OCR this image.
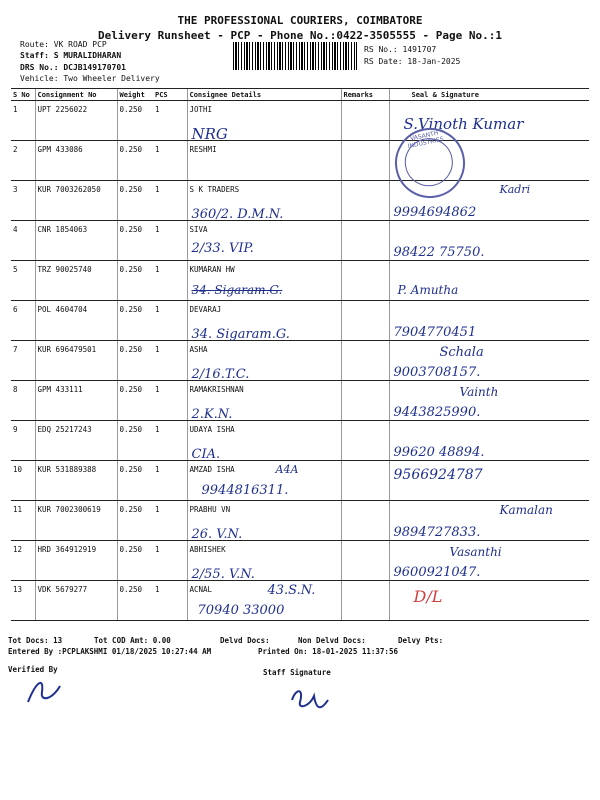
THE PROFESSIONAL COURIERS, COIMBATORE
Delivery Runsheet - PCP - Phone No.:0422-3505555 - Page No.:1
Route: VK ROAD PCP
Staff: S MURALIDHARAN
DRS No.: DCJB149170701
Vehicle: Two Wheeler Delivery
RS No.: 1491707
RS Date: 18-Jan-2025
S No	Consignment No	Weight	PCS	Consignee Details	Remarks	Seal & Signature
1	UPT 2256022	0.250	1	JOTHI
NRG		S.Vinoth Kumar

2	GPM 433086	0.250	1	RESHMI		
3	KUR 7003262050	0.250	1	S K TRADERS
360/2. D.M.N.		Kadri
9994694862

4	CNR 1854063	0.250	1	SIVA
2/33. VIP.		98422 75750.

5	TRZ 90025740	0.250	1	KUMARAN HW
34. Sigaram.G.		P. Amutha

6	POL 4604704	0.250	1	DEVARAJ
34. Sigaram.G.		7904770451

7	KUR 696479501	0.250	1	ASHA
2/16.T.C.		Schala
9003708157.

8	GPM 433111	0.250	1	RAMAKRISHNAN
2.K.N.		Vainth
9443825990.

9	EDQ 25217243	0.250	1	UDAYA ISHA
CIA.		99620 48894.

10	KUR 531889388	0.250	1	AMZAD ISHA A4A
9944816311.		9566924787

11	KUR 7002300619	0.250	1	PRABHU VN
26. V.N.		Kamalan
9894727833.

12	HRD 364912919	0.250	1	ABHISHEK
2/55. V.N.		Vasanthi
9600921047.

13	VDK 5679277	0.250	1	ACNAL 43.S.N.
70940 33000		D/L
VASANTH INDUSTRIES
Tot Docs: 13	Tot COD Amt: 0.00	Delvd Docs:	Non Delvd Docs:	Delvy Pts:
Entered By :PCPLAKSHMI 01/18/2025 10:27:44 AM	Printed On: 18-01-2025 11:37:56
Verified By	Staff Signature
